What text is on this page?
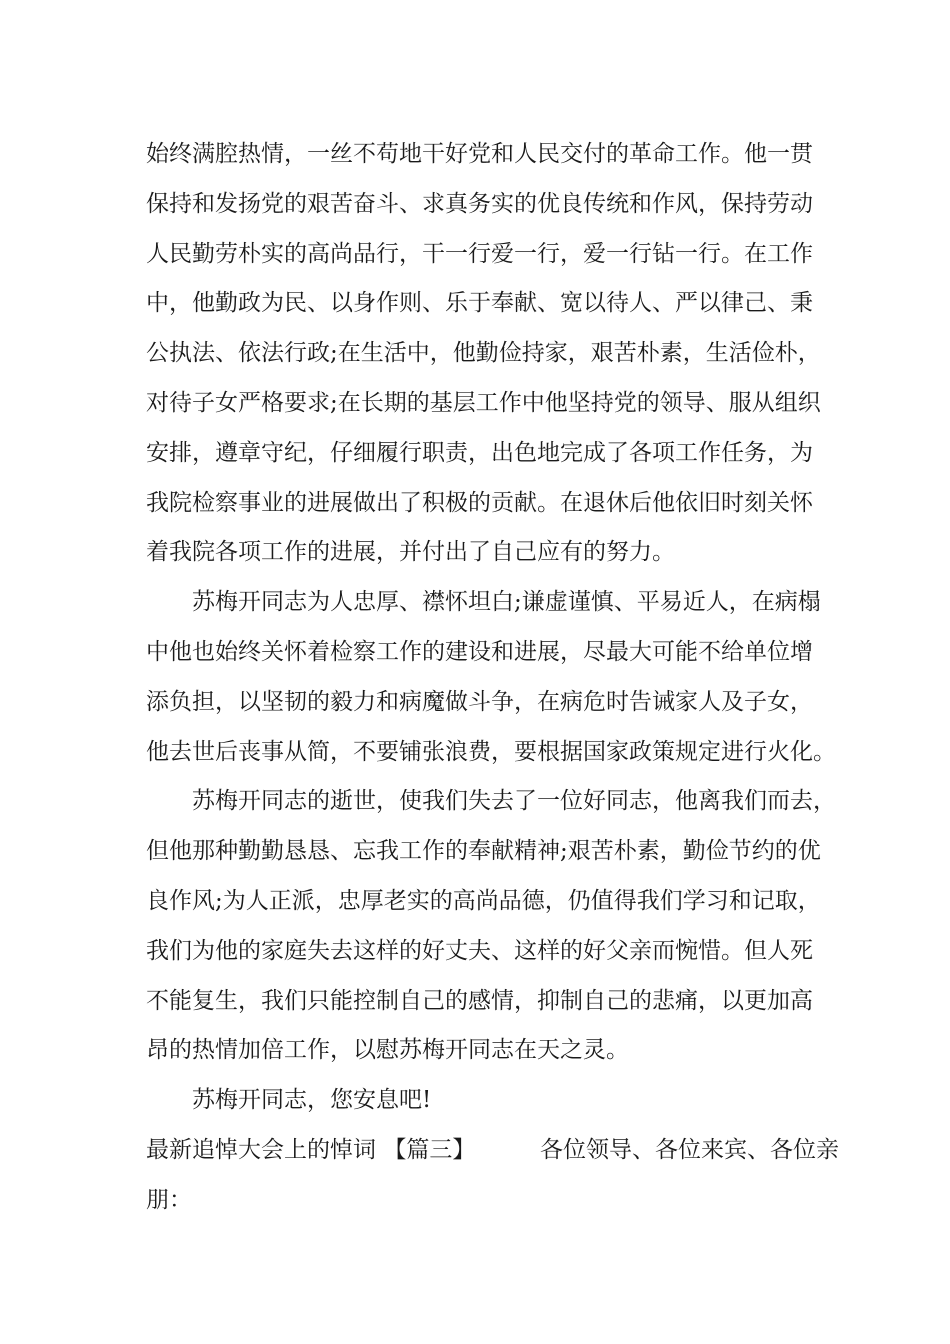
始终满腔热情，一丝不苟地干好党和人民交付的革命工作。他一贯
保持和发扬党的艰苦奋斗、求真务实的优良传统和作风，保持劳动
人民勤劳朴实的高尚品行，干一行爱一行，爱一行钻一行。在工作
中，他勤政为民、以身作则、乐于奉献、宽以待人、严以律己、秉
公执法、依法行政;在生活中，他勤俭持家，艰苦朴素，生活俭朴，
对待子女严格要求;在长期的基层工作中他坚持党的领导、服从组织
安排，遵章守纪，仔细履行职责，出色地完成了各项工作任务，为
我院检察事业的进展做出了积极的贡献。在退休后他依旧时刻关怀
着我院各项工作的进展，并付出了自己应有的努力。
苏梅开同志为人忠厚、襟怀坦白;谦虚谨慎、平易近人，在病榻
中他也始终关怀着检察工作的建设和进展，尽最大可能不给单位增
添负担，以坚韧的毅力和病魔做斗争，在病危时告诫家人及子女，
他去世后丧事从简，不要铺张浪费，要根据国家政策规定进行火化。
苏梅开同志的逝世，使我们失去了一位好同志，他离我们而去，
但他那种勤勤恳恳、忘我工作的奉献精神;艰苦朴素，勤俭节约的优
良作风;为人正派，忠厚老实的高尚品德，仍值得我们学习和记取，
我们为他的家庭失去这样的好丈夫、这样的好父亲而惋惜。但人死
不能复生，我们只能控制自己的感情，抑制自己的悲痛，以更加高
昂的热情加倍工作，以慰苏梅开同志在天之灵。
苏梅开同志，您安息吧!
最新追悼大会上的悼词 【篇三】	各位领导、各位来宾、各位亲
朋：
